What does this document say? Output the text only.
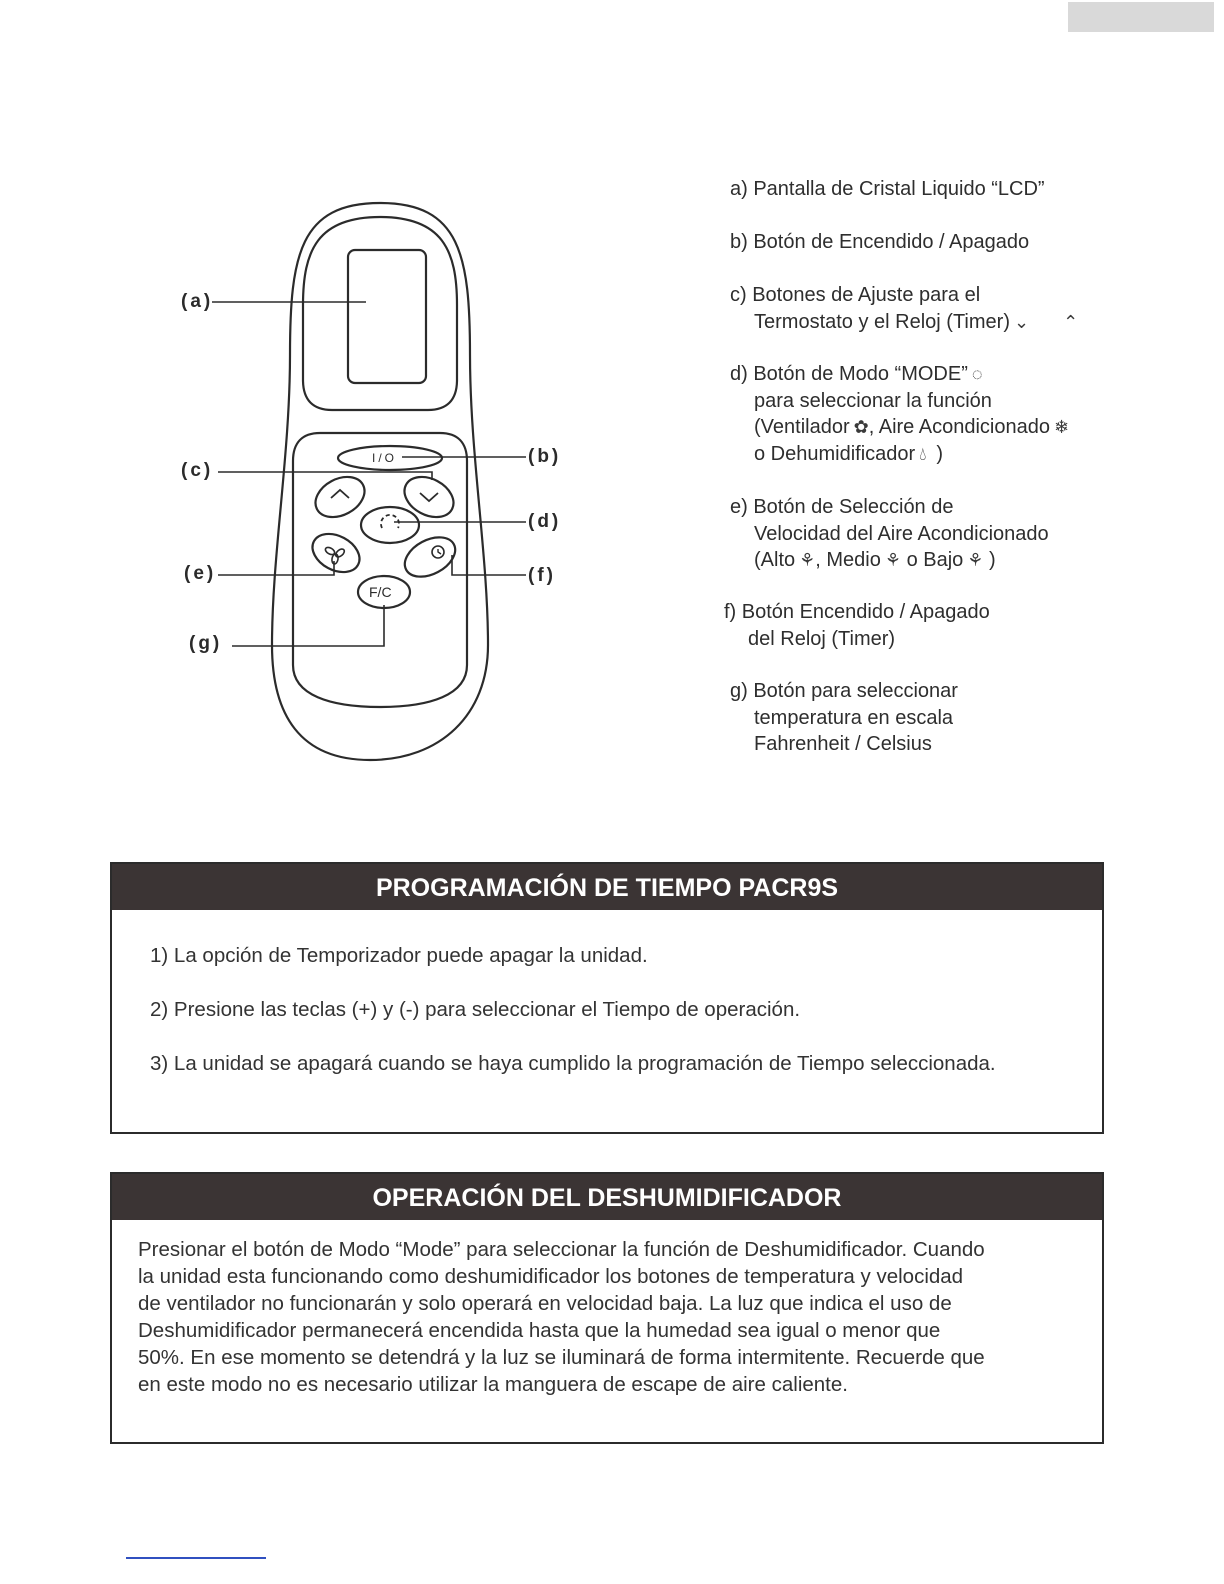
(a)
(b)
(c)
(d)
(e)	(f)
(g)
I/O
F/C
a) Pantalla de Cristal Liquido “LCD”
b) Botón de Encendido / Apagado
c) Botones de Ajuste para el
Termostato y el Reloj (Timer) ⌄ ⌃
d) Botón de Modo “MODE” ◌
para seleccionar la función
(Ventilador ✿, Aire Acondicionado ❄
o Dehumidificador 💧︎ )
e) Botón de Selección de
Velocidad del Aire Acondicionado
(Alto ⚘, Medio ⚘ o Bajo ⚘ )
f) Botón Encendido / Apagado
del Reloj (Timer)
g) Botón para seleccionar
temperatura en escala
Fahrenheit / Celsius
PROGRAMACIÓN DE TIEMPO PACR9S
1) La opción de Temporizador puede apagar la unidad.
2) Presione las teclas (+) y (-) para seleccionar el Tiempo de operación.
3) La unidad se apagará cuando se haya cumplido la programación de Tiempo seleccionada.
OPERACIÓN DEL DESHUMIDIFICADOR
Presionar el botón de Modo “Mode” para seleccionar la función de Deshumidificador. Cuando
la unidad esta funcionando como deshumidificador los botones de temperatura y velocidad
de ventilador no funcionarán y solo operará en velocidad baja. La luz que indica el uso de
Deshumidificador permanecerá encendida hasta que la humedad sea igual o menor que
50%. En ese momento se detendrá y la luz se iluminará de forma intermitente. Recuerde que
en este modo no es necesario utilizar la manguera de escape de aire caliente.
